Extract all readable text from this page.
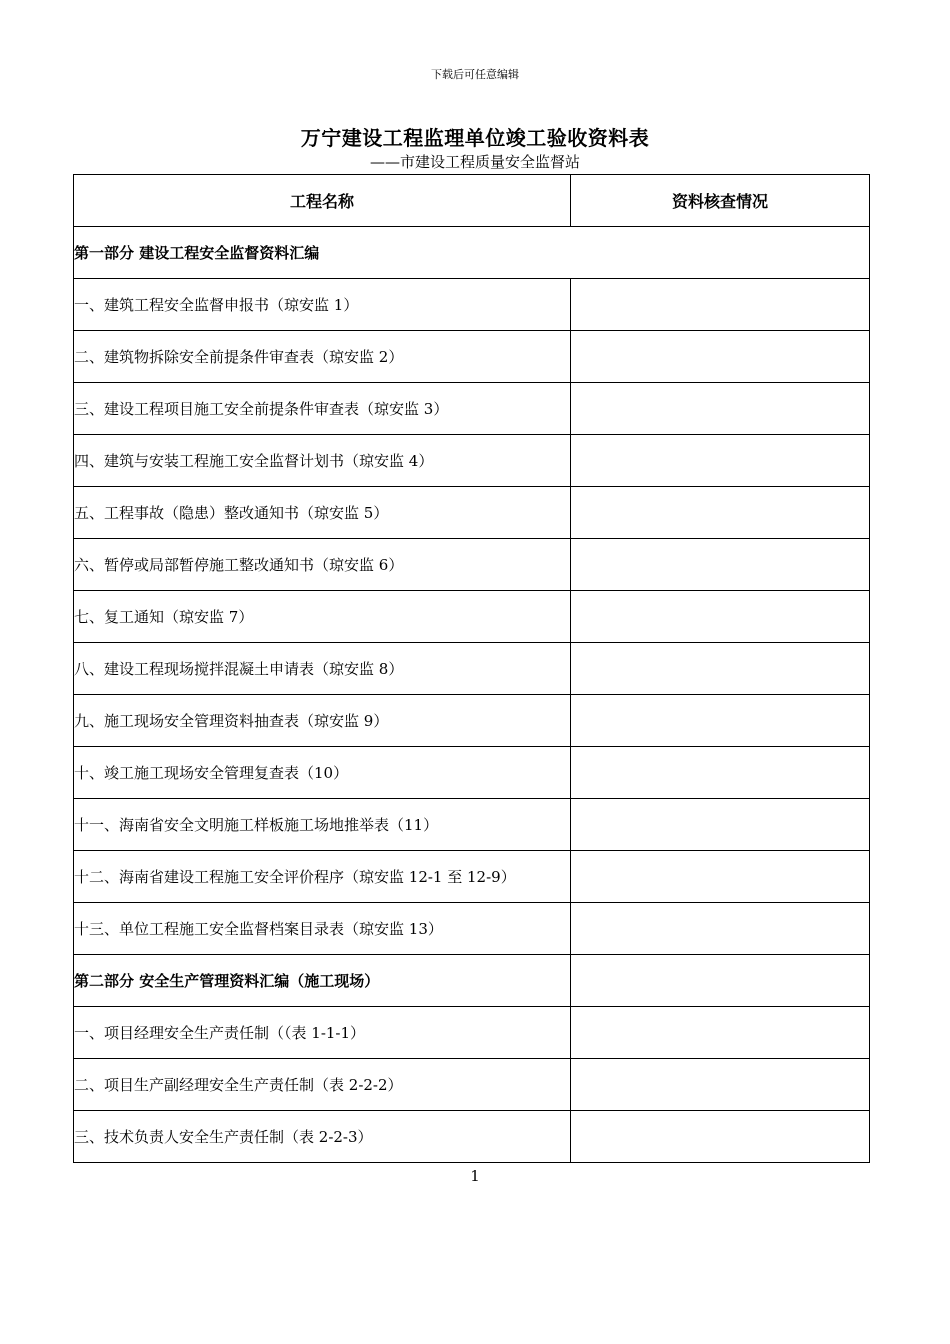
下载后可任意编辑
万宁建设工程监理单位竣工验收资料表
——市建设工程质量安全监督站
工程名称	资料核查情况
第一部分 建设工程安全监督资料汇编	
一、建筑工程安全监督申报书（琼安监 1）	
二、建筑物拆除安全前提条件审查表（琼安监 2）	
三、建设工程项目施工安全前提条件审查表（琼安监 3）	
四、建筑与安装工程施工安全监督计划书（琼安监 4）	
五、工程事故（隐患）整改通知书（琼安监 5）	
六、暂停或局部暂停施工整改通知书（琼安监 6）	
七、复工通知（琼安监 7）	
八、建设工程现场搅拌混凝土申请表（琼安监 8）	
九、施工现场安全管理资料抽查表（琼安监 9）	
十、竣工施工现场安全管理复查表（10）	
十一、海南省安全文明施工样板施工场地推举表（11）	
十二、海南省建设工程施工安全评价程序（琼安监 12-1 至 12-9）	
十三、单位工程施工安全监督档案目录表（琼安监 13）	
第二部分 安全生产管理资料汇编（施工现场）	
一、项目经理安全生产责任制（（表 1-1-1）	
二、项目生产副经理安全生产责任制（表 2-2-2）	
三、技术负责人安全生产责任制（表 2-2-3）	
1
